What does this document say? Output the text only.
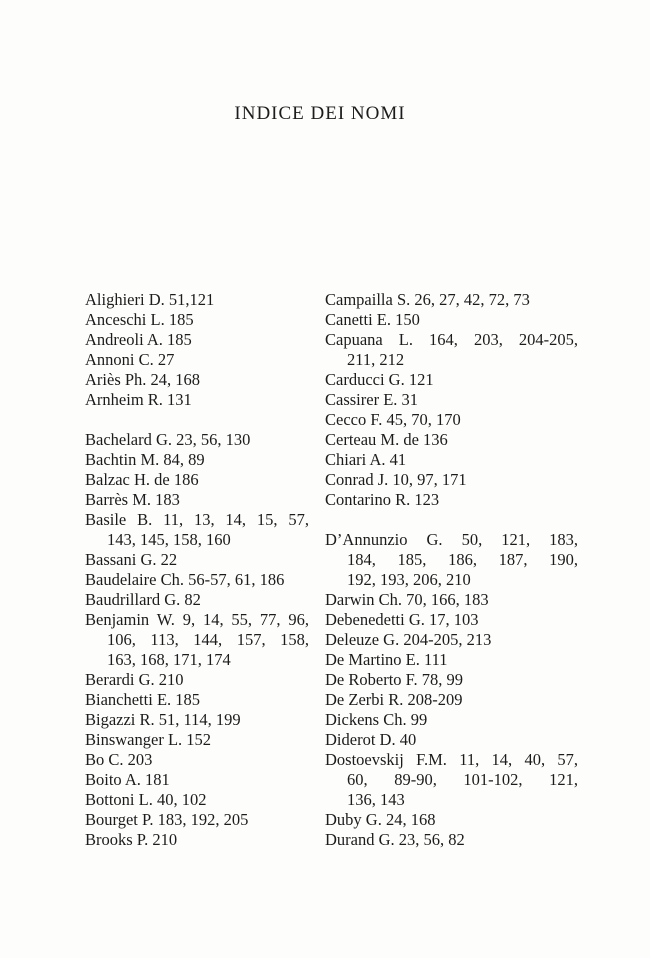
INDICE DEI NOMI
Alighieri D. 51,121
Anceschi L. 185
Andreoli A. 185
Annoni C. 27
Ariès Ph. 24, 168
Arnheim R. 131
Bachelard G. 23, 56, 130
Bachtin M. 84, 89
Balzac H. de 186
Barrès M. 183
Basile B. 11, 13, 14, 15, 57,
143, 145, 158, 160
Bassani G. 22
Baudelaire Ch. 56-57, 61, 186
Baudrillard G. 82
Benjamin W. 9, 14, 55, 77, 96,
106, 113, 144, 157, 158,
163, 168, 171, 174
Berardi G. 210
Bianchetti E. 185
Bigazzi R. 51, 114, 199
Binswanger L. 152
Bo C. 203
Boito A. 181
Bottoni L. 40, 102
Bourget P. 183, 192, 205
Brooks P. 210
Campailla S. 26, 27, 42, 72, 73
Canetti E. 150
Capuana L. 164, 203, 204-205,
211, 212
Carducci G. 121
Cassirer E. 31
Cecco F. 45, 70, 170
Certeau M. de 136
Chiari A. 41
Conrad J. 10, 97, 171
Contarino R. 123
D’Annunzio G. 50, 121, 183,
184, 185, 186, 187, 190,
192, 193, 206, 210
Darwin Ch. 70, 166, 183
Debenedetti G. 17, 103
Deleuze G. 204-205, 213
De Martino E. 111
De Roberto F. 78, 99
De Zerbi R. 208-209
Dickens Ch. 99
Diderot D. 40
Dostoevskij F.M. 11, 14, 40, 57,
60, 89-90, 101-102, 121,
136, 143
Duby G. 24, 168
Durand G. 23, 56, 82
